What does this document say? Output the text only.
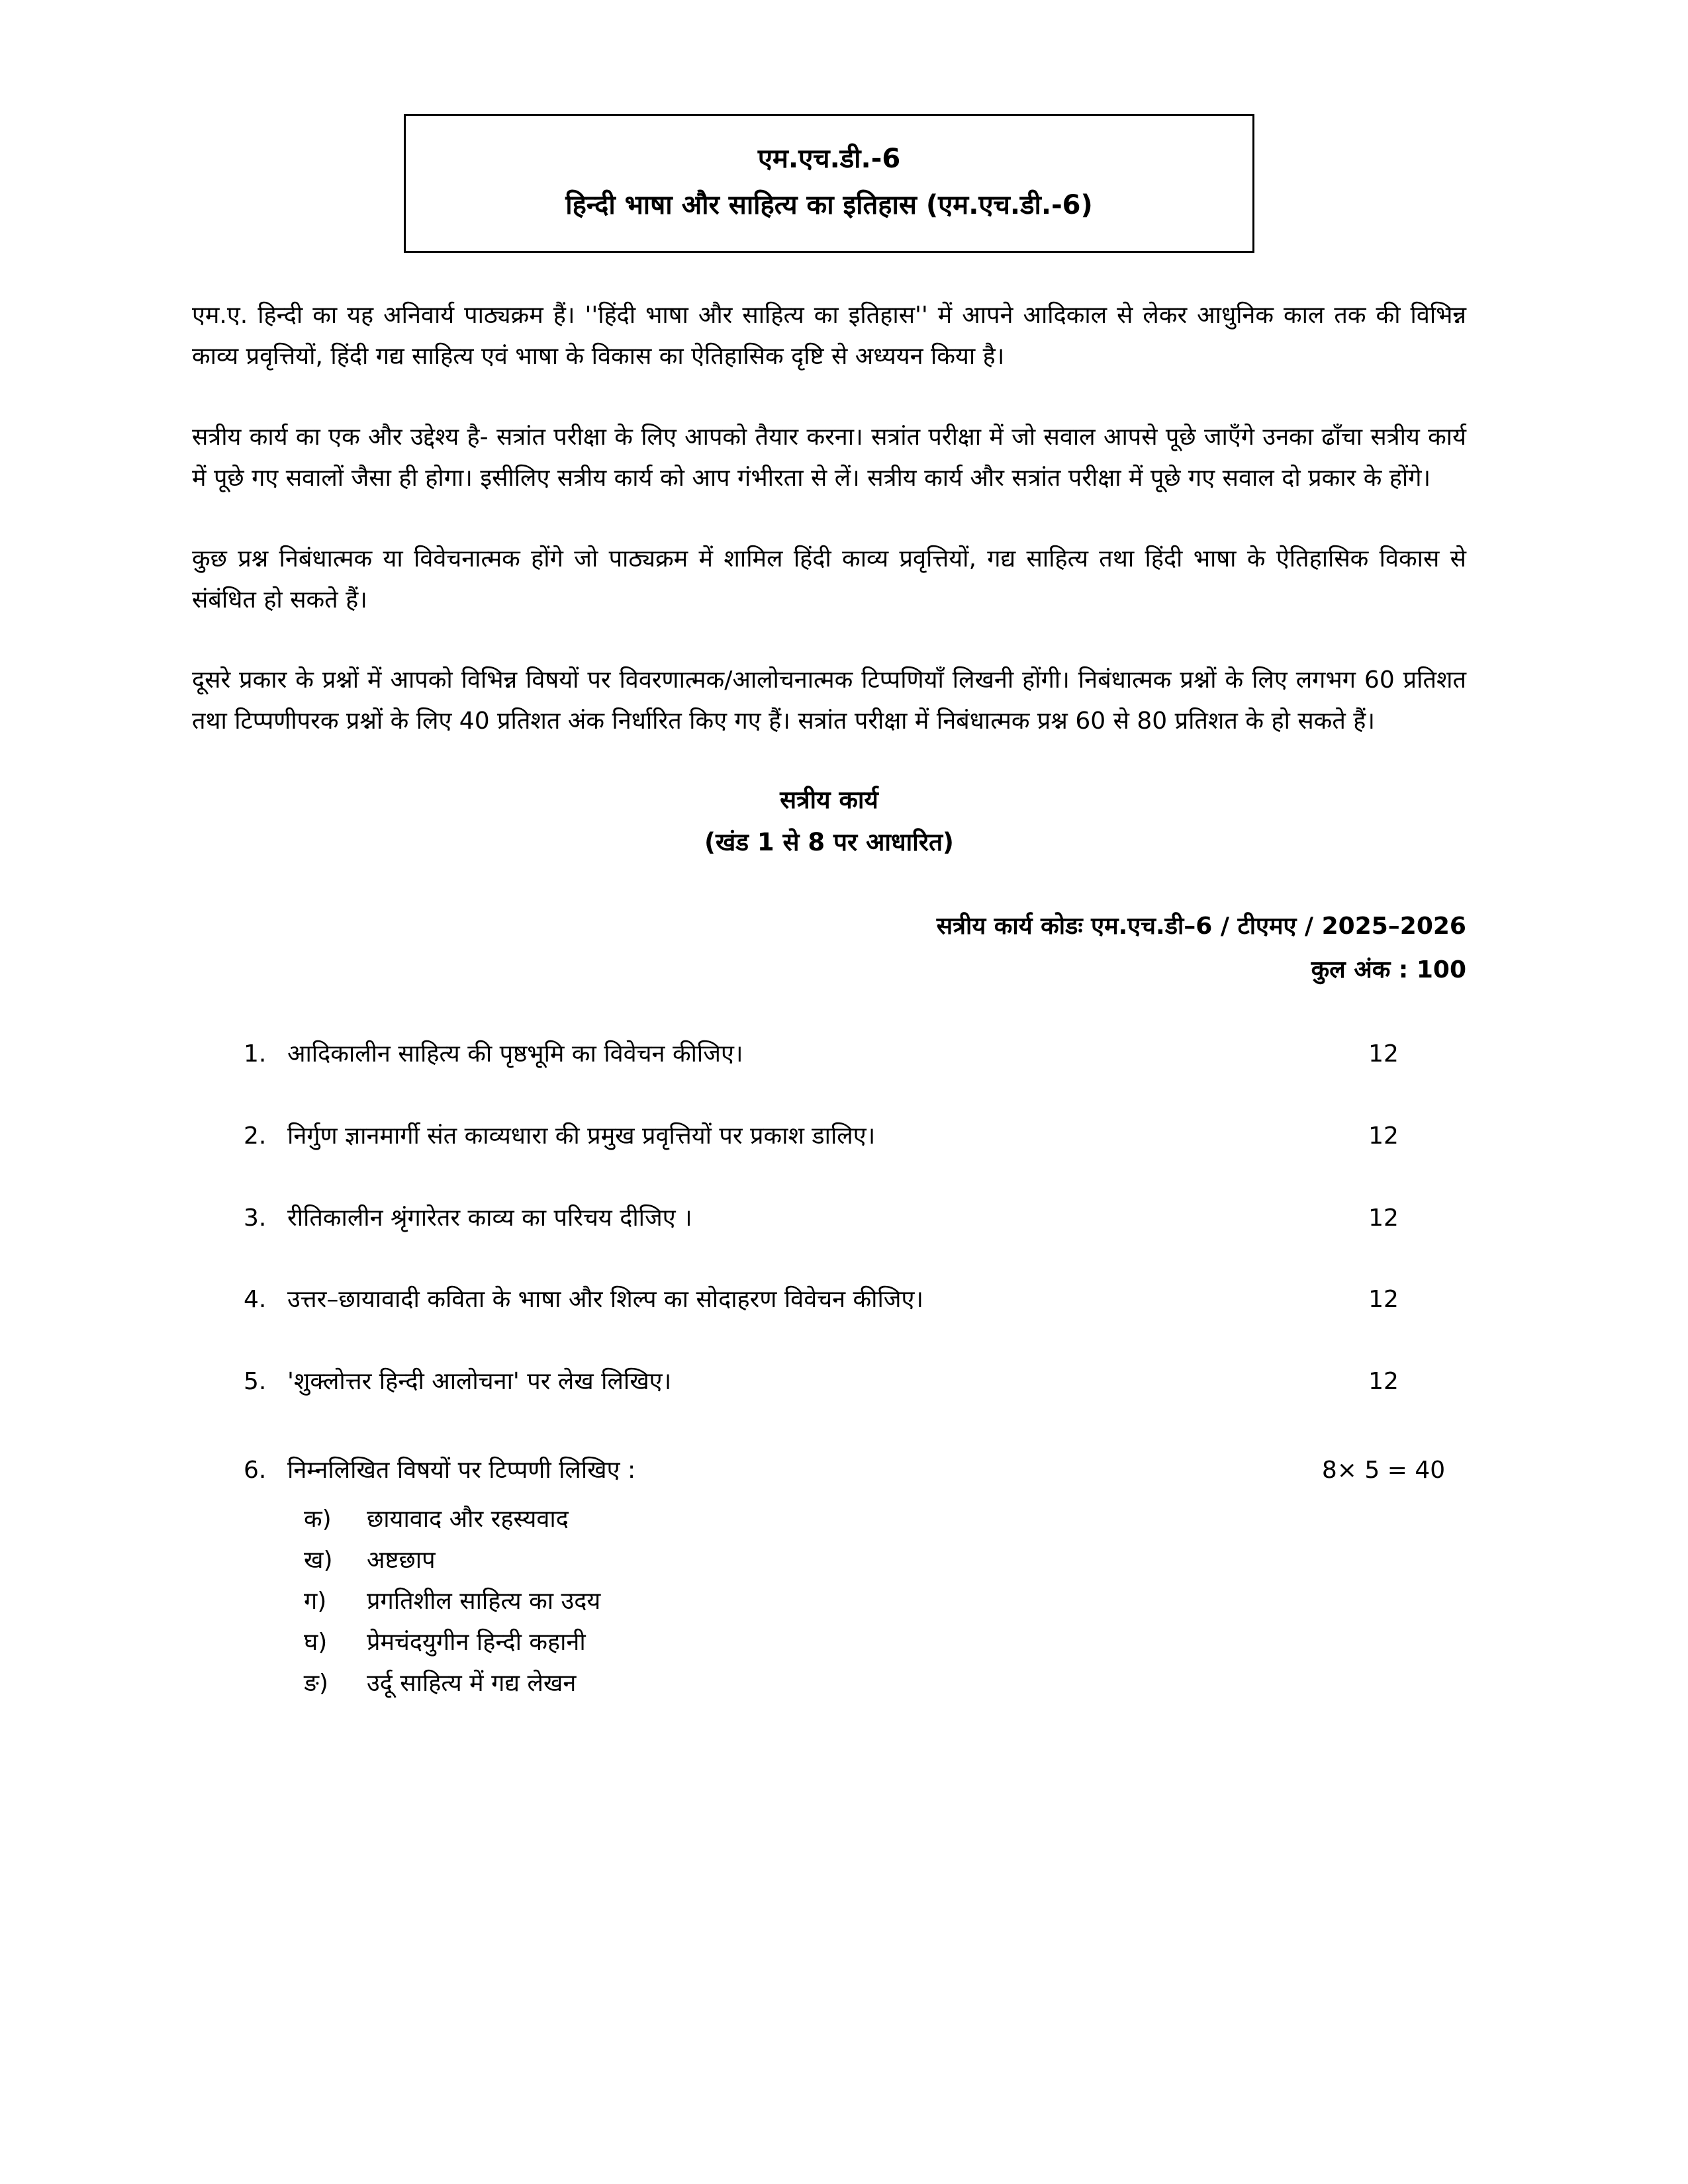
एम.एच.डी.-6
हिन्दी भाषा और साहित्य का इतिहास (एम.एच.डी.-6)

एम.ए. हिन्दी का यह अनिवार्य पाठ्यक्रम हैं। ''हिंदी भाषा और साहित्य का इतिहास'' में आपने आदिकाल से लेकर आधुनिक काल तक की विभिन्न काव्य प्रवृत्तियों, हिंदी गद्य साहित्य एवं भाषा के विकास का ऐतिहासिक दृष्टि से अध्ययन किया है।

सत्रीय कार्य का एक और उद्देश्य है- सत्रांत परीक्षा के लिए आपको तैयार करना। सत्रांत परीक्षा में जो सवाल आपसे पूछे जाएँगे उनका ढाँचा सत्रीय कार्य में पूछे गए सवालों जैसा ही होगा। इसीलिए सत्रीय कार्य को आप गंभीरता से लें। सत्रीय कार्य और सत्रांत परीक्षा में पूछे गए सवाल दो प्रकार के होंगे।

कुछ प्रश्न निबंधात्मक या विवेचनात्मक होंगे जो पाठ्यक्रम में शामिल हिंदी काव्य प्रवृत्तियों, गद्य साहित्य तथा हिंदी भाषा के ऐतिहासिक विकास से संबंधित हो सकते हैं।

दूसरे प्रकार के प्रश्नों में आपको विभिन्न विषयों पर विवरणात्मक/आलोचनात्मक टिप्पणियाँ लिखनी होंगी। निबंधात्मक प्रश्नों के लिए लगभग 60 प्रतिशत तथा टिप्पणीपरक प्रश्नों के लिए 40 प्रतिशत अंक निर्धारित किए गए हैं। सत्रांत परीक्षा में निबंधात्मक प्रश्न 60 से 80 प्रतिशत के हो सकते हैं।

सत्रीय कार्य
(खंड 1 से 8 पर आधारित)
सत्रीय कार्य कोडः एम.एच.डी–6 / टीएमए / 2025–2026
कुल अंक : 100
1. आदिकालीन साहित्य की पृष्ठभूमि का विवेचन कीजिए।	12
2. निर्गुण ज्ञानमार्गी संत काव्यधारा की प्रमुख प्रवृत्तियों पर प्रकाश डालिए।	12
3. रीतिकालीन श्रृंगारेतर काव्य का परिचय दीजिए ।	12
4. उत्तर–छायावादी कविता के भाषा और शिल्प का सोदाहरण विवेचन कीजिए।	12
5. 'शुक्लोत्तर हिन्दी आलोचना' पर लेख लिखिए।	12
6. निम्नलिखित विषयों पर टिप्पणी लिखिए :	8× 5 = 40
क)	छायावाद और रहस्यवाद
ख)	अष्टछाप
ग)	प्रगतिशील साहित्य का उदय
घ)	प्रेमचंदयुगीन हिन्दी कहानी
ङ)	उर्दू साहित्य में गद्य लेखन
